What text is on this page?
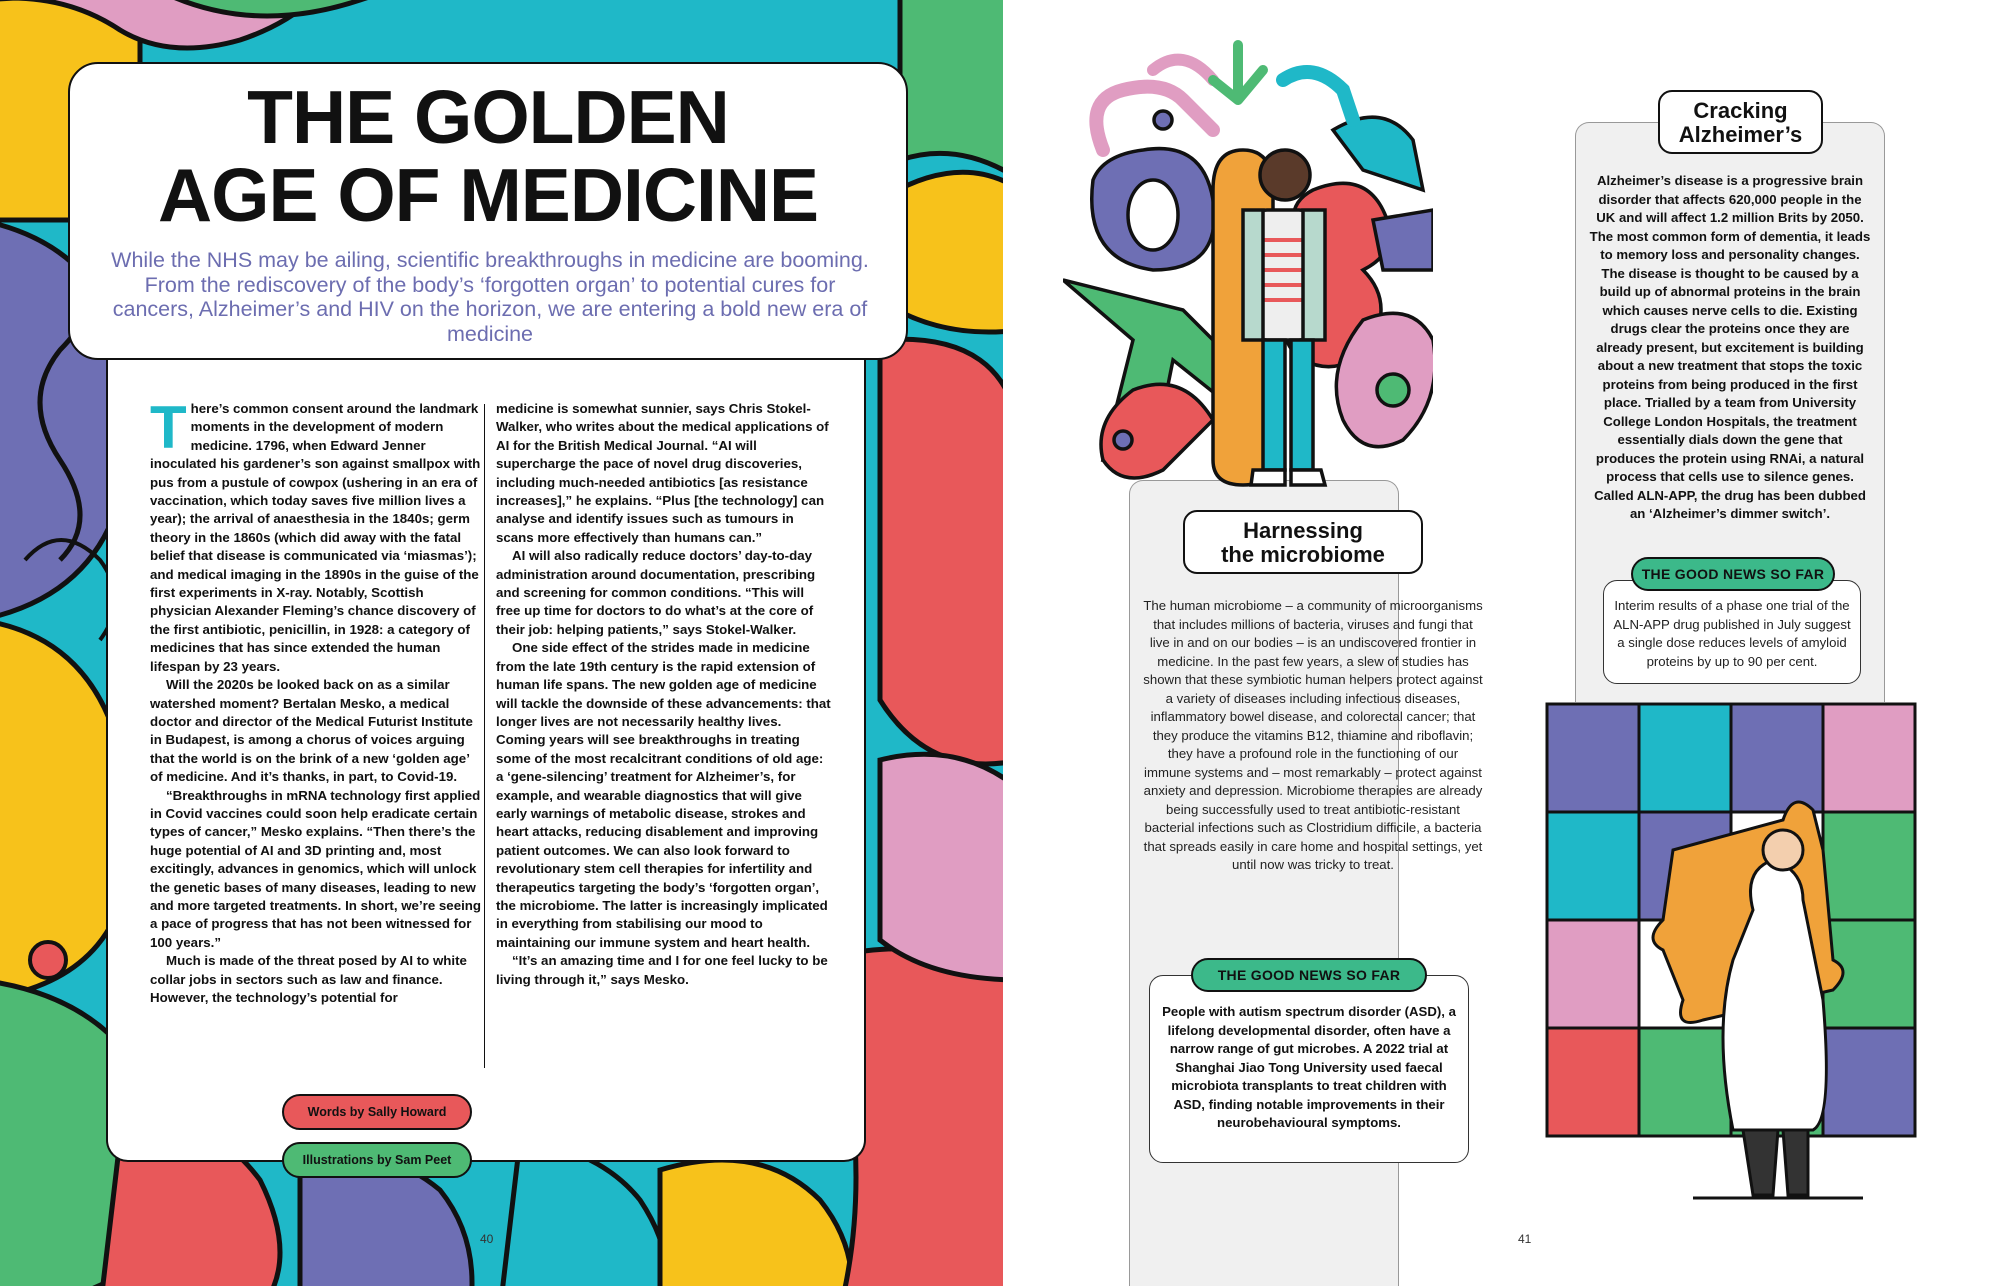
THE GOLDEN
AGE OF MEDICINE

While the NHS may be ailing, scientific breakthroughs in medicine are booming. From the rediscovery of the body’s ‘forgotten organ’ to potential cures for cancers, Alzheimer’s and HIV on the horizon, we are entering a bold new era of medicine

There’s common consent around the landmark moments in the development of modern medicine. 1796, when Edward Jenner inoculated his gardener’s son against smallpox with pus from a pustule of cowpox (ushering in an era of vaccination, which today saves five million lives a year); the arrival of anaesthesia in the 1840s; germ theory in the 1860s (which did away with the fatal belief that disease is communicated via ‘miasmas’); and medical imaging in the 1890s in the guise of the first experiments in X-ray. Notably, Scottish physician Alexander Fleming’s chance discovery of the first antibiotic, penicillin, in 1928: a category of medicines that has since extended the human lifespan by 23 years.

Will the 2020s be looked back on as a similar watershed moment? Bertalan Mesko, a medical doctor and director of the Medical Futurist Institute in Budapest, is among a chorus of voices arguing that the world is on the brink of a new ‘golden age’ of medicine. And it’s thanks, in part, to Covid-19.

“Breakthroughs in mRNA technology first applied in Covid vaccines could soon help eradicate certain types of cancer,” Mesko explains. “Then there’s the huge potential of AI and 3D printing and, most excitingly, advances in genomics, which will unlock the genetic bases of many diseases, leading to new and more targeted treatments. In short, we’re seeing a pace of progress that has not been witnessed for 100 years.”

Much is made of the threat posed by AI to white collar jobs in sectors such as law and finance. However, the technology’s potential for

medicine is somewhat sunnier, says Chris Stokel-Walker, who writes about the medical applications of AI for the British Medical Journal. “AI will supercharge the pace of novel drug discoveries, including much-needed antibiotics [as resistance increases],” he explains. “Plus [the technology] can analyse and identify issues such as tumours in scans more effectively than humans can.”

AI will also radically reduce doctors’ day-to-day administration around documentation, prescribing and screening for common conditions. “This will free up time for doctors to do what’s at the core of their job: helping patients,” says Stokel-Walker.

One side effect of the strides made in medicine from the late 19th century is the rapid extension of human life spans. The new golden age of medicine will tackle the downside of these advancements: that longer lives are not necessarily healthy lives. Coming years will see breakthroughs in treating some of the most recalcitrant conditions of old age: a ‘gene-silencing’ treatment for Alzheimer’s, for example, and wearable diagnostics that will give early warnings of metabolic disease, strokes and heart attacks, reducing disablement and improving patient outcomes. We can also look forward to revolutionary stem cell therapies for infertility and therapeutics targeting the body’s ‘forgotten organ’, the microbiome. The latter is increasingly implicated in everything from stabilising our mood to maintaining our immune system and heart health.

“It’s an amazing time and I for one feel lucky to be living through it,” says Mesko.

Words by Sally Howard
Illustrations by Sam Peet
40
Harnessing
the microbiome

The human microbiome – a community of microorganisms that includes millions of bacteria, viruses and fungi that live in and on our bodies – is an undiscovered frontier in medicine. In the past few years, a slew of studies has shown that these symbiotic human helpers protect against a variety of diseases including infectious diseases, inflammatory bowel disease, and colorectal cancer; that they produce the vitamins B12, thiamine and riboflavin; they have a profound role in the functioning of our immune systems and – most remarkably – protect against anxiety and depression. Microbiome therapies are already being successfully used to treat antibiotic-resistant bacterial infections such as Clostridium difficile, a bacteria that spreads easily in care home and hospital settings, yet until now was tricky to treat.

THE GOOD NEWS SO FAR

People with autism spectrum disorder (ASD), a lifelong developmental disorder, often have a narrow range of gut microbes. A 2022 trial at Shanghai Jiao Tong University used faecal microbiota transplants to treat children with ASD, finding notable improvements in their neurobehavioural symptoms.

Cracking
Alzheimer’s

Alzheimer’s disease is a progressive brain disorder that affects 620,000 people in the UK and will affect 1.2 million Brits by 2050. The most common form of dementia, it leads to memory loss and personality changes. The disease is thought to be caused by a build up of abnormal proteins in the brain which causes nerve cells to die. Existing drugs clear the proteins once they are already present, but excitement is building about a new treatment that stops the toxic proteins from being produced in the first place. Trialled by a team from University College London Hospitals, the treatment essentially dials down the gene that produces the protein using RNAi, a natural process that cells use to silence genes. Called ALN-APP, the drug has been dubbed an ‘Alzheimer’s dimmer switch’.

THE GOOD NEWS SO FAR

Interim results of a phase one trial of the ALN-APP drug published in July suggest a single dose reduces levels of amyloid proteins by up to 90 per cent.

41
